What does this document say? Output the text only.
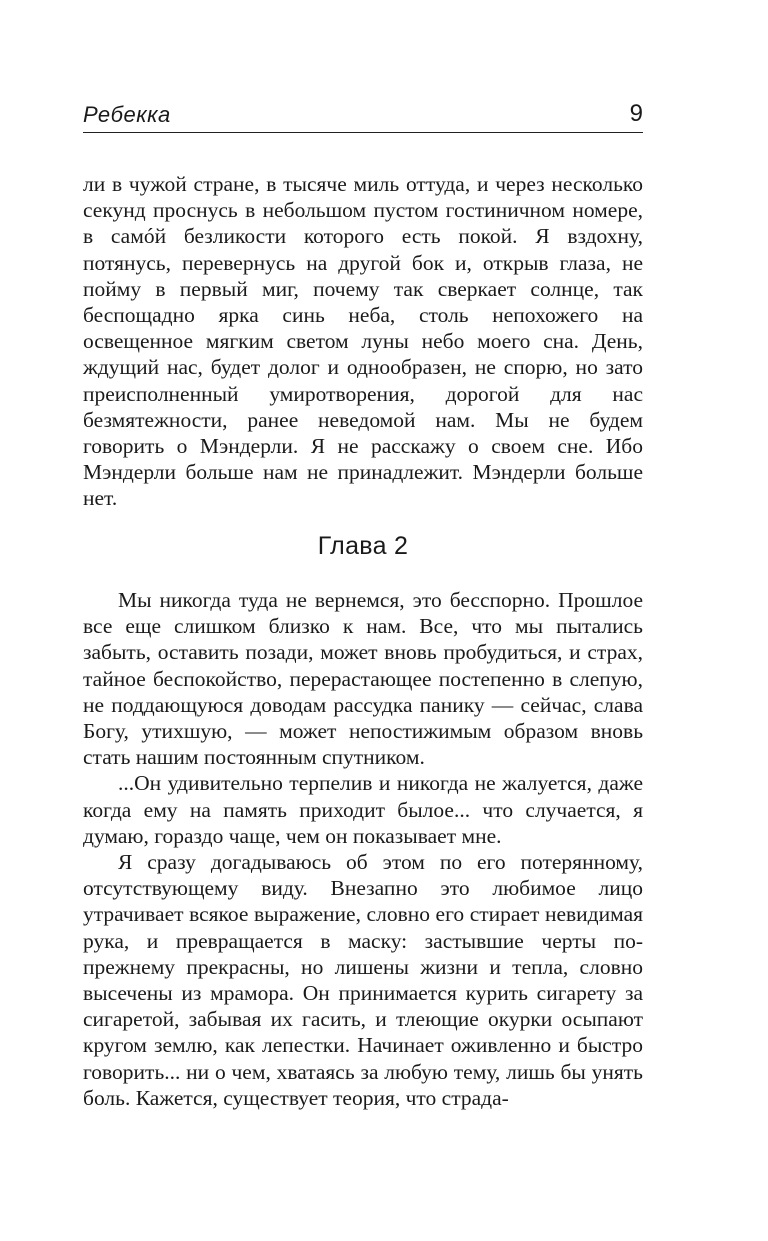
Ребекка	9

ли в чужой стране, в тысяче миль оттуда, и через несколько секунд проснусь в небольшом пустом гостиничном номере, в самóй безликости которого есть покой. Я вздохну, потянусь, перевернусь на другой бок и, открыв глаза, не пойму в первый миг, почему так сверкает солнце, так беспощадно ярка синь неба, столь непохожего на освещенное мягким светом луны небо моего сна. День, ждущий нас, будет долог и однообразен, не спорю, но зато преисполненный умиротворения, дорогой для нас безмятежности, ранее неведомой нам. Мы не будем говорить о Мэндерли. Я не расскажу о своем сне. Ибо Мэндерли больше нам не принадлежит. Мэндерли больше нет.

Глава 2

Мы никогда туда не вернемся, это бесспорно. Прошлое все еще слишком близко к нам. Все, что мы пытались забыть, оставить позади, может вновь пробудиться, и страх, тайное беспокойство, перерастающее постепенно в слепую, не поддающуюся доводам рассудка панику — сейчас, слава Богу, утихшую, — может непостижимым образом вновь стать нашим постоянным спутником.

...Он удивительно терпелив и никогда не жалуется, даже когда ему на память приходит былое... что случается, я думаю, гораздо чаще, чем он показывает мне.

Я сразу догадываюсь об этом по его потерянному, отсутствующему виду. Внезапно это любимое лицо утрачивает всякое выражение, словно его стирает невидимая рука, и превращается в маску: застывшие черты по-прежнему прекрасны, но лишены жизни и тепла, словно высечены из мрамора. Он принимается курить сигарету за сигаретой, забывая их гасить, и тлеющие окурки осыпают кругом землю, как лепестки. Начинает оживленно и быстро говорить... ни о чем, хватаясь за любую тему, лишь бы унять боль. Кажется, существует теория, что страда-
